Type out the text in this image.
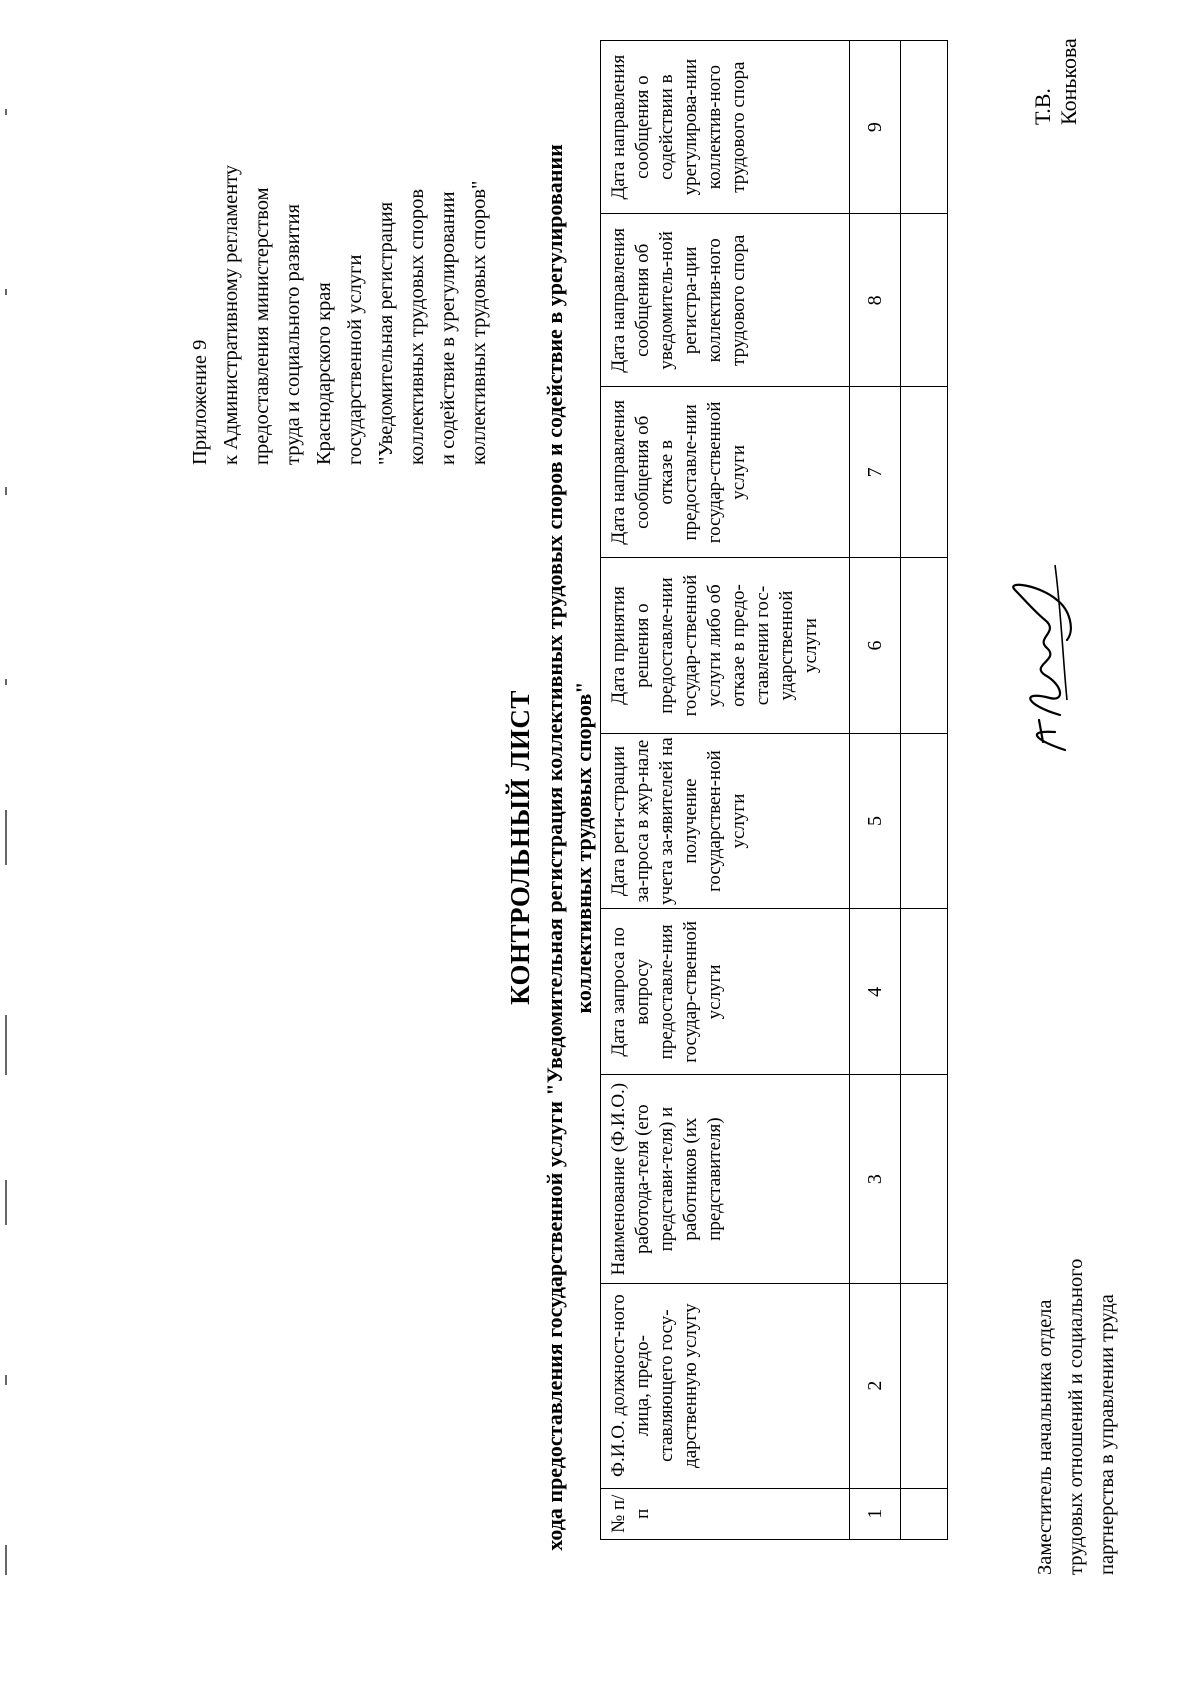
Приложение 9 к Административному регламенту предоставления министерством труда и социального развития Краснодарского края государственной услуги "Уведомительная регистрация коллективных трудовых споров и содействие в урегулировании коллективных трудовых споров"
КОНТРОЛЬНЫЙ ЛИСТ хода предоставления государственной услуги "Уведомительная регистрация коллективных трудовых споров и содействие в урегулировании коллективных трудовых споров"
№ п/п	Ф.И.О. должност-ного лица, предо-ставляющего госу-дарственную услугу	Наименование (Ф.И.О.) работода-теля (его представи-теля) и работников (их представителя)	Дата запроса по вопросу предоставле-ния государ-ственной услуги	Дата реги-страции за-проса в жур-нале учета за-явителей на получение государствен-ной услуги	Дата принятия решения о предоставле-нии государ-ственной услуги либо об отказе в предо-ставлении гос-ударственной услуги	Дата направления сообщения об отказе в предоставле-нии государ-ственной услуги	Дата направления сообщения об уведомитель-ной регистра-ции коллектив-ного трудового спора	Дата направления сообщения о содействии в урегулирова-нии коллектив-ного трудового спора
1	2	3	4	5	6	7	8	9

Заместитель начальника отдела трудовых отношений и социального партнерства в управлении труда
Т.В. Конькова
